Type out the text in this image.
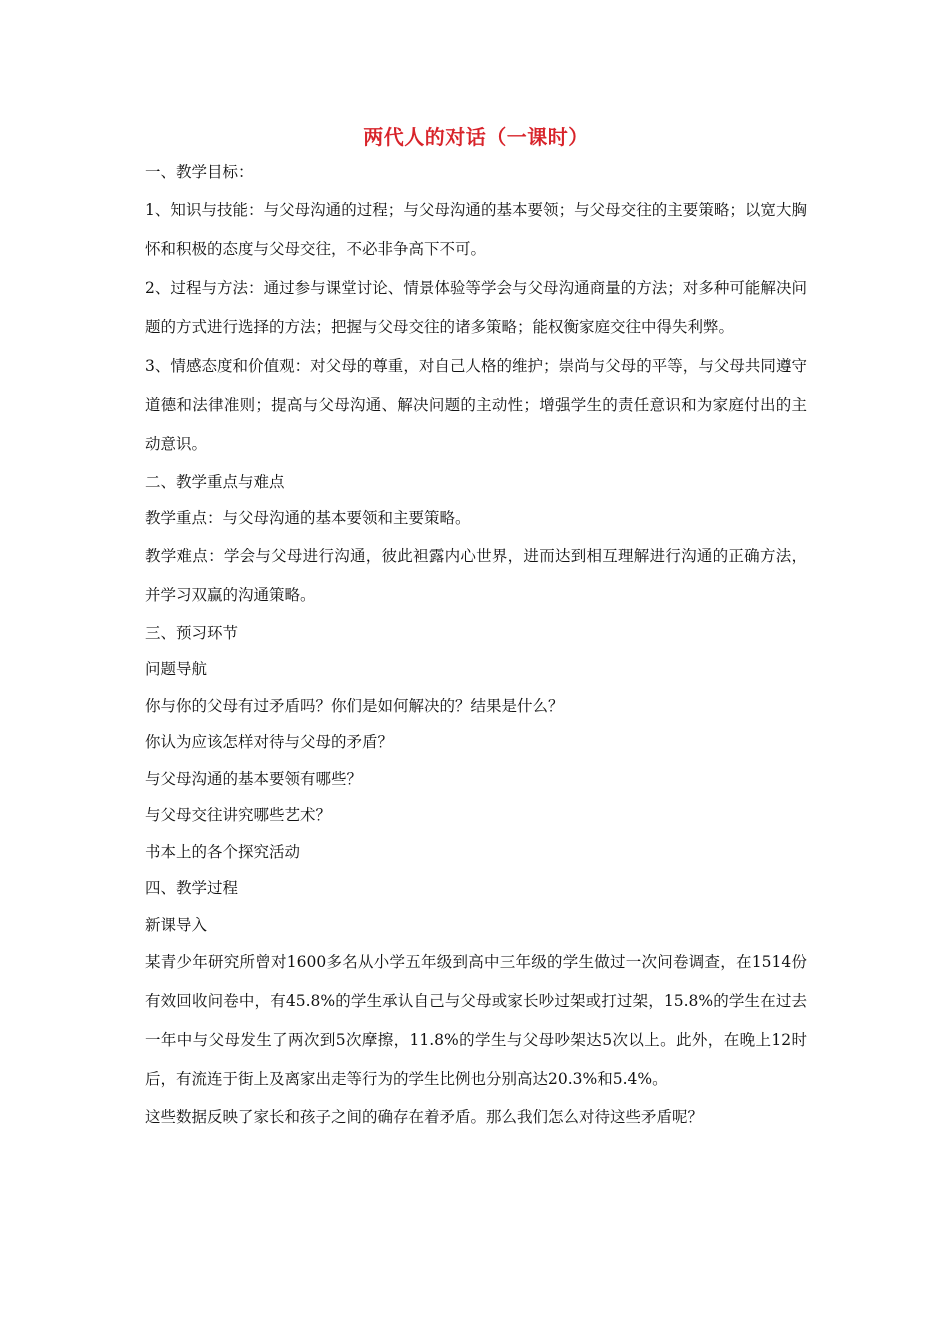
两代人的对话（一课时）

一、教学目标：

1、知识与技能：与父母沟通的过程；与父母沟通的基本要领；与父母交往的主要策略；以宽大胸怀和积极的态度与父母交往，不必非争高下不可。

2、过程与方法：通过参与课堂讨论、情景体验等学会与父母沟通商量的方法；对多种可能解决问题的方式进行选择的方法；把握与父母交往的诸多策略；能权衡家庭交往中得失利弊。

3、情感态度和价值观：对父母的尊重，对自己人格的维护；崇尚与父母的平等，与父母共同遵守道德和法律准则；提高与父母沟通、解决问题的主动性；增强学生的责任意识和为家庭付出的主动意识。

二、教学重点与难点

教学重点：与父母沟通的基本要领和主要策略。

教学难点：学会与父母进行沟通，彼此袒露内心世界，进而达到相互理解进行沟通的正确方法，并学习双赢的沟通策略。

三、预习环节

问题导航

你与你的父母有过矛盾吗？你们是如何解决的？结果是什么？

你认为应该怎样对待与父母的矛盾？

与父母沟通的基本要领有哪些？

与父母交往讲究哪些艺术？

书本上的各个探究活动

四、教学过程

新课导入

某青少年研究所曾对1600多名从小学五年级到高中三年级的学生做过一次问卷调查，在1514份有效回收问卷中，有45.8%的学生承认自己与父母或家长吵过架或打过架，15.8%的学生在过去一年中与父母发生了两次到5次摩擦，11.8%的学生与父母吵架达5次以上。此外，在晚上12时后，有流连于街上及离家出走等行为的学生比例也分别高达20.3%和5.4%。

这些数据反映了家长和孩子之间的确存在着矛盾。那么我们怎么对待这些矛盾呢？
